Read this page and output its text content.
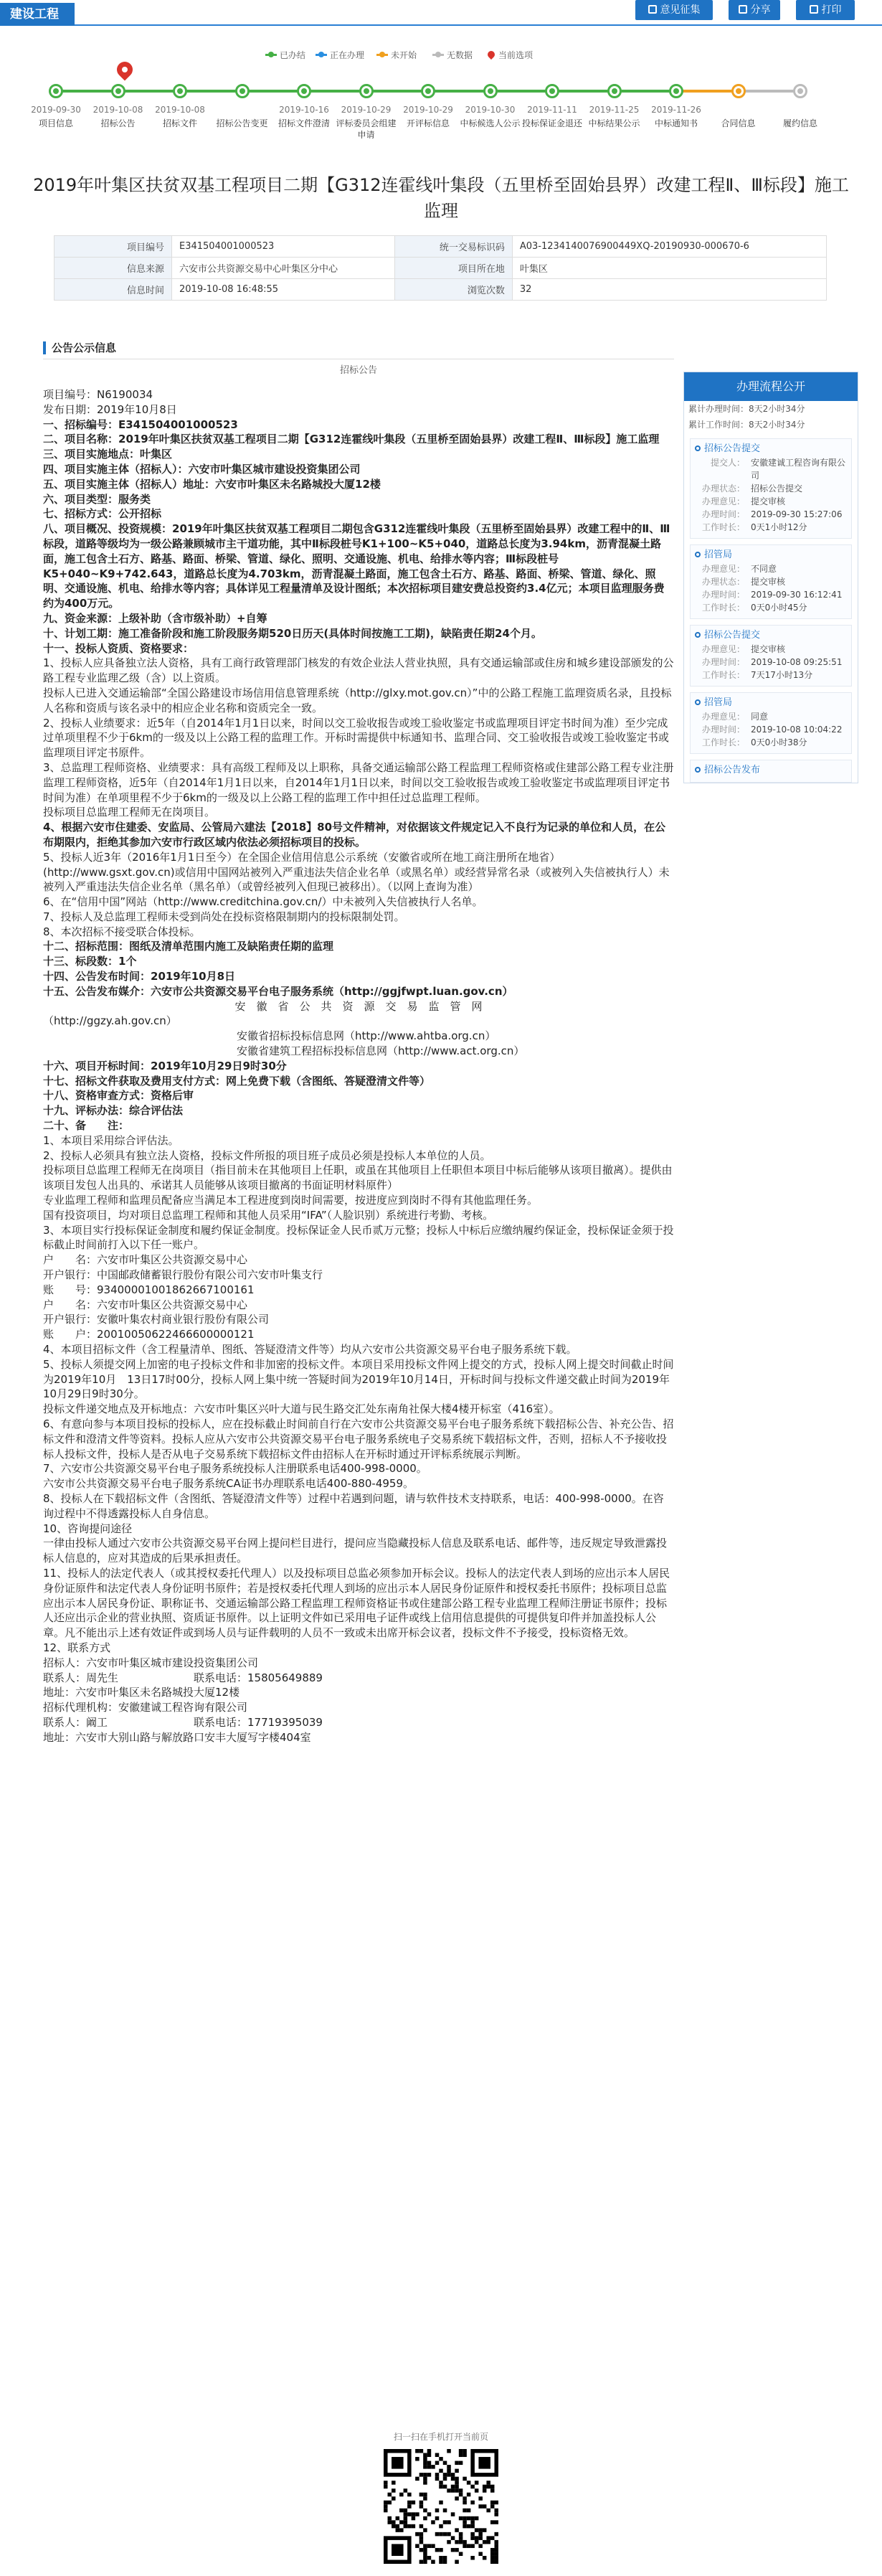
建设工程	意见征集	分享	打印
已办结	正在办理	未开始	无数据	当前选项
2019-09-30
项目信息
2019-10-08
招标公告
2019-10-08
招标文件	招标公告变更
2019-10-16
招标文件澄清
2019-10-29
评标委员会组建申请
2019-10-29
开评标信息
2019-10-30
中标候选人公示
2019-11-11
投标保证金退还
2019-11-25
中标结果公示
2019-11-26
中标通知书	合同信息	履约信息
2019年叶集区扶贫双基工程项目二期【G312连霍线叶集段（五里桥至固始县界）改建工程Ⅱ、Ⅲ标段】施工监理
项目编号	E3415040010005​23	统一交易标识码	A03-12341400769004​49XQ-20190930-000670-6
信息来源	六安市公共资源交易中心叶集区分中心	项目所在地	叶集区
信息时间	2019-10-08 16:48:55	浏览次数	32
公告公示信息
招标公告

项目编号：N6190034

发布日期：2019年10月8日

一、招标编号：E3415040010005​23

二、项目名称：2019年叶集区扶贫双基工程项目二期【G312连霍线叶集段（五里桥至固始县界）改建工程Ⅱ、Ⅲ标段】施工监理

三、项目实施地点：叶集区

四、项目实施主体（招标人）：六安市叶集区城市建设投资集团公司

五、项目实施主体（招标人）地址：六安市叶集区未名路城投大厦12楼

六、项目类型：服务类

七、招标方式：公开招标

八、项目概况、投资规模：2019年叶集区扶贫双基工程项目二期包含G312连霍线叶集段（五里桥至固始县界）改建工程中的Ⅱ、Ⅲ标段，道路等级均为一级公路兼顾城市主干道功能，其中Ⅱ标段桩号K1+100~K5+040，道路总长度为3.94km，沥青混凝土路面，施工包含土石方、路基、路面、桥梁、管道、绿化、照明、交通设施、机电、给排水等内容；Ⅲ标段桩号K5+040~K9+742.643，道路总长度为4.703km，沥青混凝土路面，施工包含土石方、路基、路面、桥梁、管道、绿化、照明、交通设施、机电、给排水等内容；具体详见工程量清单及设计图纸；本次招标项目建安费总投资约3.4亿元；本项目监理服务费约为400万元。

九、资金来源：上级补助（含市级补助）+自筹

十、计划工期：施工准备阶段和施工阶段服务期520日历天(具体时间按施工工期)，缺陷责任期24个月。

十一、投标人资质、资格要求：

1、投标人应具备独立法人资格，具有工商行政管理部门核发的有效企业法人营业执照，具有交通运输部或住房和城乡建设部颁发的公路工程专业监理乙级（含）以上资质。

投标人已进入交通运输部“全国公路建设市场信用信息管理系统（http://glxy.mot.gov.cn）”中的公路工程施工监理资质名录，且投标人名称和资质与该名录中的相应企业名称和资质完全一致。

2、投标人业绩要求：近5年（自2014年1月1日以来，时间以交工验收报告或竣工验收鉴定书或监理项目评定书时间为准）至少完成过单项里程不少于6km的一级及以上公路工程的监理工作。开标时需提供中标通知书、监理合同、交工验收报告或竣工验收鉴定书或监理项目评定书原件。

3、总监理工程师资格、业绩要求：具有高级工程师及以上职称，具备交通运输部公路工程监理工程师资格或住建部公路工程专业注册监理工程师资格，近5年（自2014年1月1日以来，自2014年1月1日以来，时间以交工验收报告或竣工验收鉴定书或监理项目评定书时间为准）在单项里程不少于6km的一级及以上公路工程的监理工作中担任过总监理工程师。

投标项目总监理工程师无在岗项目。

4、根据六安市住建委、安监局、公管局六建法【2018】80号文件精神，对依据该文件规定记入不良行为记录的单位和人员，在公布期限内，拒绝其参加六安市行政区域内依法必须招标项目的投标。

5、投标人近3年（2016年1月1日至今）在全国企业信用信息公示系统（安徽省或所在地工商注册所在地省）(http://www.gsxt.gov.cn)或信用中国网站被列入严重违法失信企业名单（或黑名单）或经营异常名录（或被列入失信被执行人）未被列入严重违法失信企业名单（黑名单）（或曾经被列入但现已被移出）。（以网上查询为准）

6、在“信用中国”网站（http://www.creditchina.gov.cn/）中未被列入失信被执行人名单。

7、投标人及总监理工程师未受到尚处在投标资格限制期内的投标限制处罚。

8、本次招标不接受联合体投标。

十二、招标范围：图纸及清单范围内施工及缺陷责任期的监理

十三、标段数：1个

十四、公告发布时间：2019年10月8日

十五、公告发布媒介：六安市公共资源交易平台电子服务系统（http://ggjfwpt.luan.gov.cn）

安　徽　省　公　共　资　源　交　易　监　管　网

（http://ggzy.ah.gov.cn）

安徽省招标投标信息网（http://www.ahtba.org.cn）

安徽省建筑工程招标投标信息网（http://www.act.org.cn）

十六、项目开标时间：2019年10月29日9时30分

十七、招标文件获取及费用支付方式：网上免费下载（含图纸、答疑澄清文件等）

十八、资格审查方式：资格后审

十九、评标办法：综合评估法

二十、备　　注：

1、本项目采用综合评估法。

2、投标人必须具有独立法人资格，投标文件所报的项目班子成员必须是投标人本单位的人员。

投标项目总监理工程师无在岗项目（指目前未在其他项目上任职，或虽在其他项目上任职但本项目中标后能够从该项目撤离）。提供由该项目发包人出具的、承诺其人员能够从该项目撤离的书面证明材料原件）

专业监理工程师和监理员配备应当满足本工程进度到岗时间需要，按进度应到岗时不得有其他监理任务。

国有投资项目，均对项目总监理工程师和其他人员采用“IFA”（人脸识别）系统进行考勤、考核。

3、本项目实行投标保证金制度和履约保证金制度。投标保证金人民币贰万元整；投标人中标后应缴纳履约保证金，投标保证金须于投标截止时间前打入以下任一账户。

户　　名：六安市叶集区公共资源交易中心

开户银行：中国邮政储蓄银行股份有限公司六安市叶集支行

账　　号：93400001001862667100161

户　　名：六安市叶集区公共资源交易中心

开户银行：安徽叶集农村商业银行股份有限公司

账　　户：20010050622466600000121

4、本项目招标文件（含工程量清单、图纸、答疑澄清文件等）均从六安市公共资源交易平台电子服务系统下载。

5、投标人须提交网上加密的电子投标文件和非加密的投标文件。本项目采用投标文件网上提交的方式，投标人网上提交时间截止时间为2019年10月　13日17时00分，投标人网上集中统一答疑时间为2019年10月14日，开标时间与投标文件递交截止时间为2019年10月29日9时30分。

投标文件递交地点及开标地点：六安市叶集区兴叶大道与民生路交汇处东南角社保大楼4楼开标室（416室）。

6、有意向参与本项目投标的投标人，应在投标截止时间前自行在六安市公共资源交易平台电子服务系统下载招标公告、补充公告、招标文件和澄清文件等资料。投标人应从六安市公共资源交易平台电子服务系统电子交易系统下载招标文件，否则，招标人不予接收投标人投标文件，投标人是否从电子交易系统下载招标文件由招标人在开标时通过开评标系统展示判断。

7、六安市公共资源交易平台电子服务系统投标人注册联系电话400-998-0000。

六安市公共资源交易平台电子服务系统CA证书办理联系电话400-880-4959。

8、投标人在下载招标文件（含图纸、答疑澄清文件等）过程中若遇到问题，请与软件技术支持联系，电话：400-998-0000。在咨询过程中不得透露投标人自身信息。

10、咨询提问途径

一律由投标人通过六安市公共资源交易平台网上提问栏目进行，提问应当隐藏投标人信息及联系电话、邮件等，违反规定导致泄露投标人信息的，应对其造成的后果承担责任。

11、投标人的法定代表人（或其授权委托代理人）以及投标项目总监必须参加开标会议。投标人的法定代表人到场的应出示本人居民身份证原件和法定代表人身份证明书原件；若是授权委托代理人到场的应出示本人居民身份证原件和授权委托书原件；投标项目总监应出示本人居民身份证、职称证书、交通运输部公路工程监理工程师资格证书或住建部公路工程专业监理工程师注册证书原件；投标人还应出示企业的营业执照、资质证书原件。以上证明文件如已采用电子证件或线上信用信息提供的可提供复印件并加盖投标人公章。凡不能出示上述有效证件或到场人员与证件载明的人员不一致或未出席开标会议者，投标文件不予接受，投标资格无效。

12、联系方式

招标人：六安市叶集区城市建设投资集团公司

联系人：周先生　　　　　　　联系电话：15805649889

地址：六安市叶集区未名路城投大厦12楼

招标代理机构：安徽建诚工程咨询有限公司

联系人：阚工　　　　　　　　联系电话：17719395039

地址：六安市大别山路与解放路口安丰大厦写字楼404室

办理流程公开
累计办理时间：8天2小时34分
累计工作时间：8天2小时34分
招标公告提交
提交人： 安徽建诚工程咨询有限公司
办理状态： 招标公告提交
办理意见： 提交审核
办理时间： 2019-09-30 15:27:06
工作时长： 0天1小时12分
招管局
办理意见： 不同意
办理状态： 提交审核
办理时间： 2019-09-30 16:12:41
工作时长： 0天0小时45分
招标公告提交
办理意见： 提交审核
办理时间： 2019-10-08 09:25:51
工作时长： 7天17小时13分
招管局
办理意见： 同意
办理时间： 2019-10-08 10:04:22
工作时长： 0天0小时38分
招标公告发布
扫一扫在手机打开当前页
